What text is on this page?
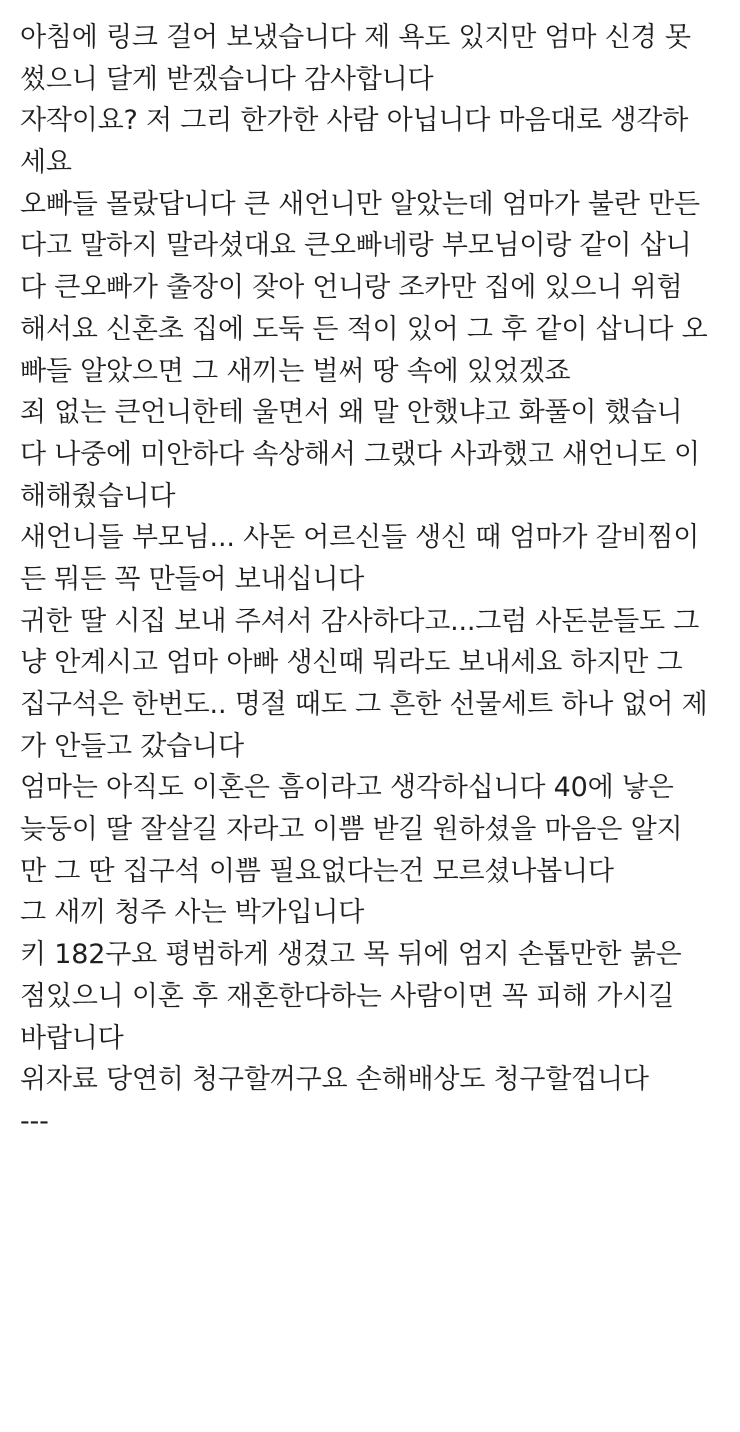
아침에 링크 걸어 보냈습니다 제 욕도 있지만 엄마 신경 못
썼으니 달게 받겠습니다 감사합니다
자작이요? 저 그리 한가한 사람 아닙니다 마음대로 생각하
세요
오빠들 몰랐답니다 큰 새언니만 알았는데 엄마가 불란 만든
다고 말하지 말라셨대요 큰오빠네랑 부모님이랑 같이 삽니
다 큰오빠가 출장이 잦아 언니랑 조카만 집에 있으니 위험
해서요 신혼초 집에 도둑 든 적이 있어 그 후 같이 삽니다 오
빠들 알았으면 그 새끼는 벌써 땅 속에 있었겠죠
죄 없는 큰언니한테 울면서 왜 말 안했냐고 화풀이 했습니
다 나중에 미안하다 속상해서 그랬다 사과했고 새언니도 이
해해줬습니다
새언니들 부모님... 사돈 어르신들 생신 때 엄마가 갈비찜이
든 뭐든 꼭 만들어 보내십니다
귀한 딸 시집 보내 주셔서 감사하다고...그럼 사돈분들도 그
냥 안계시고 엄마 아빠 생신때 뭐라도 보내세요 하지만 그
집구석은 한번도.. 명절 때도 그 흔한 선물세트 하나 없어 제
가 안들고 갔습니다
엄마는 아직도 이혼은 흠이라고 생각하십니다 40에 낳은
늦둥이 딸 잘살길 자라고 이쁨 받길 원하셨을 마음은 알지
만 그 딴 집구석 이쁨 필요없다는건 모르셨나봅니다
그 새끼 청주 사는 박가입니다
키 182구요 평범하게 생겼고 목 뒤에 엄지 손톱만한 붉은
점있으니 이혼 후 재혼한다하는 사람이면 꼭 피해 가시길
바랍니다
위자료 당연히 청구할꺼구요 손해배상도 청구할껍니다
---
